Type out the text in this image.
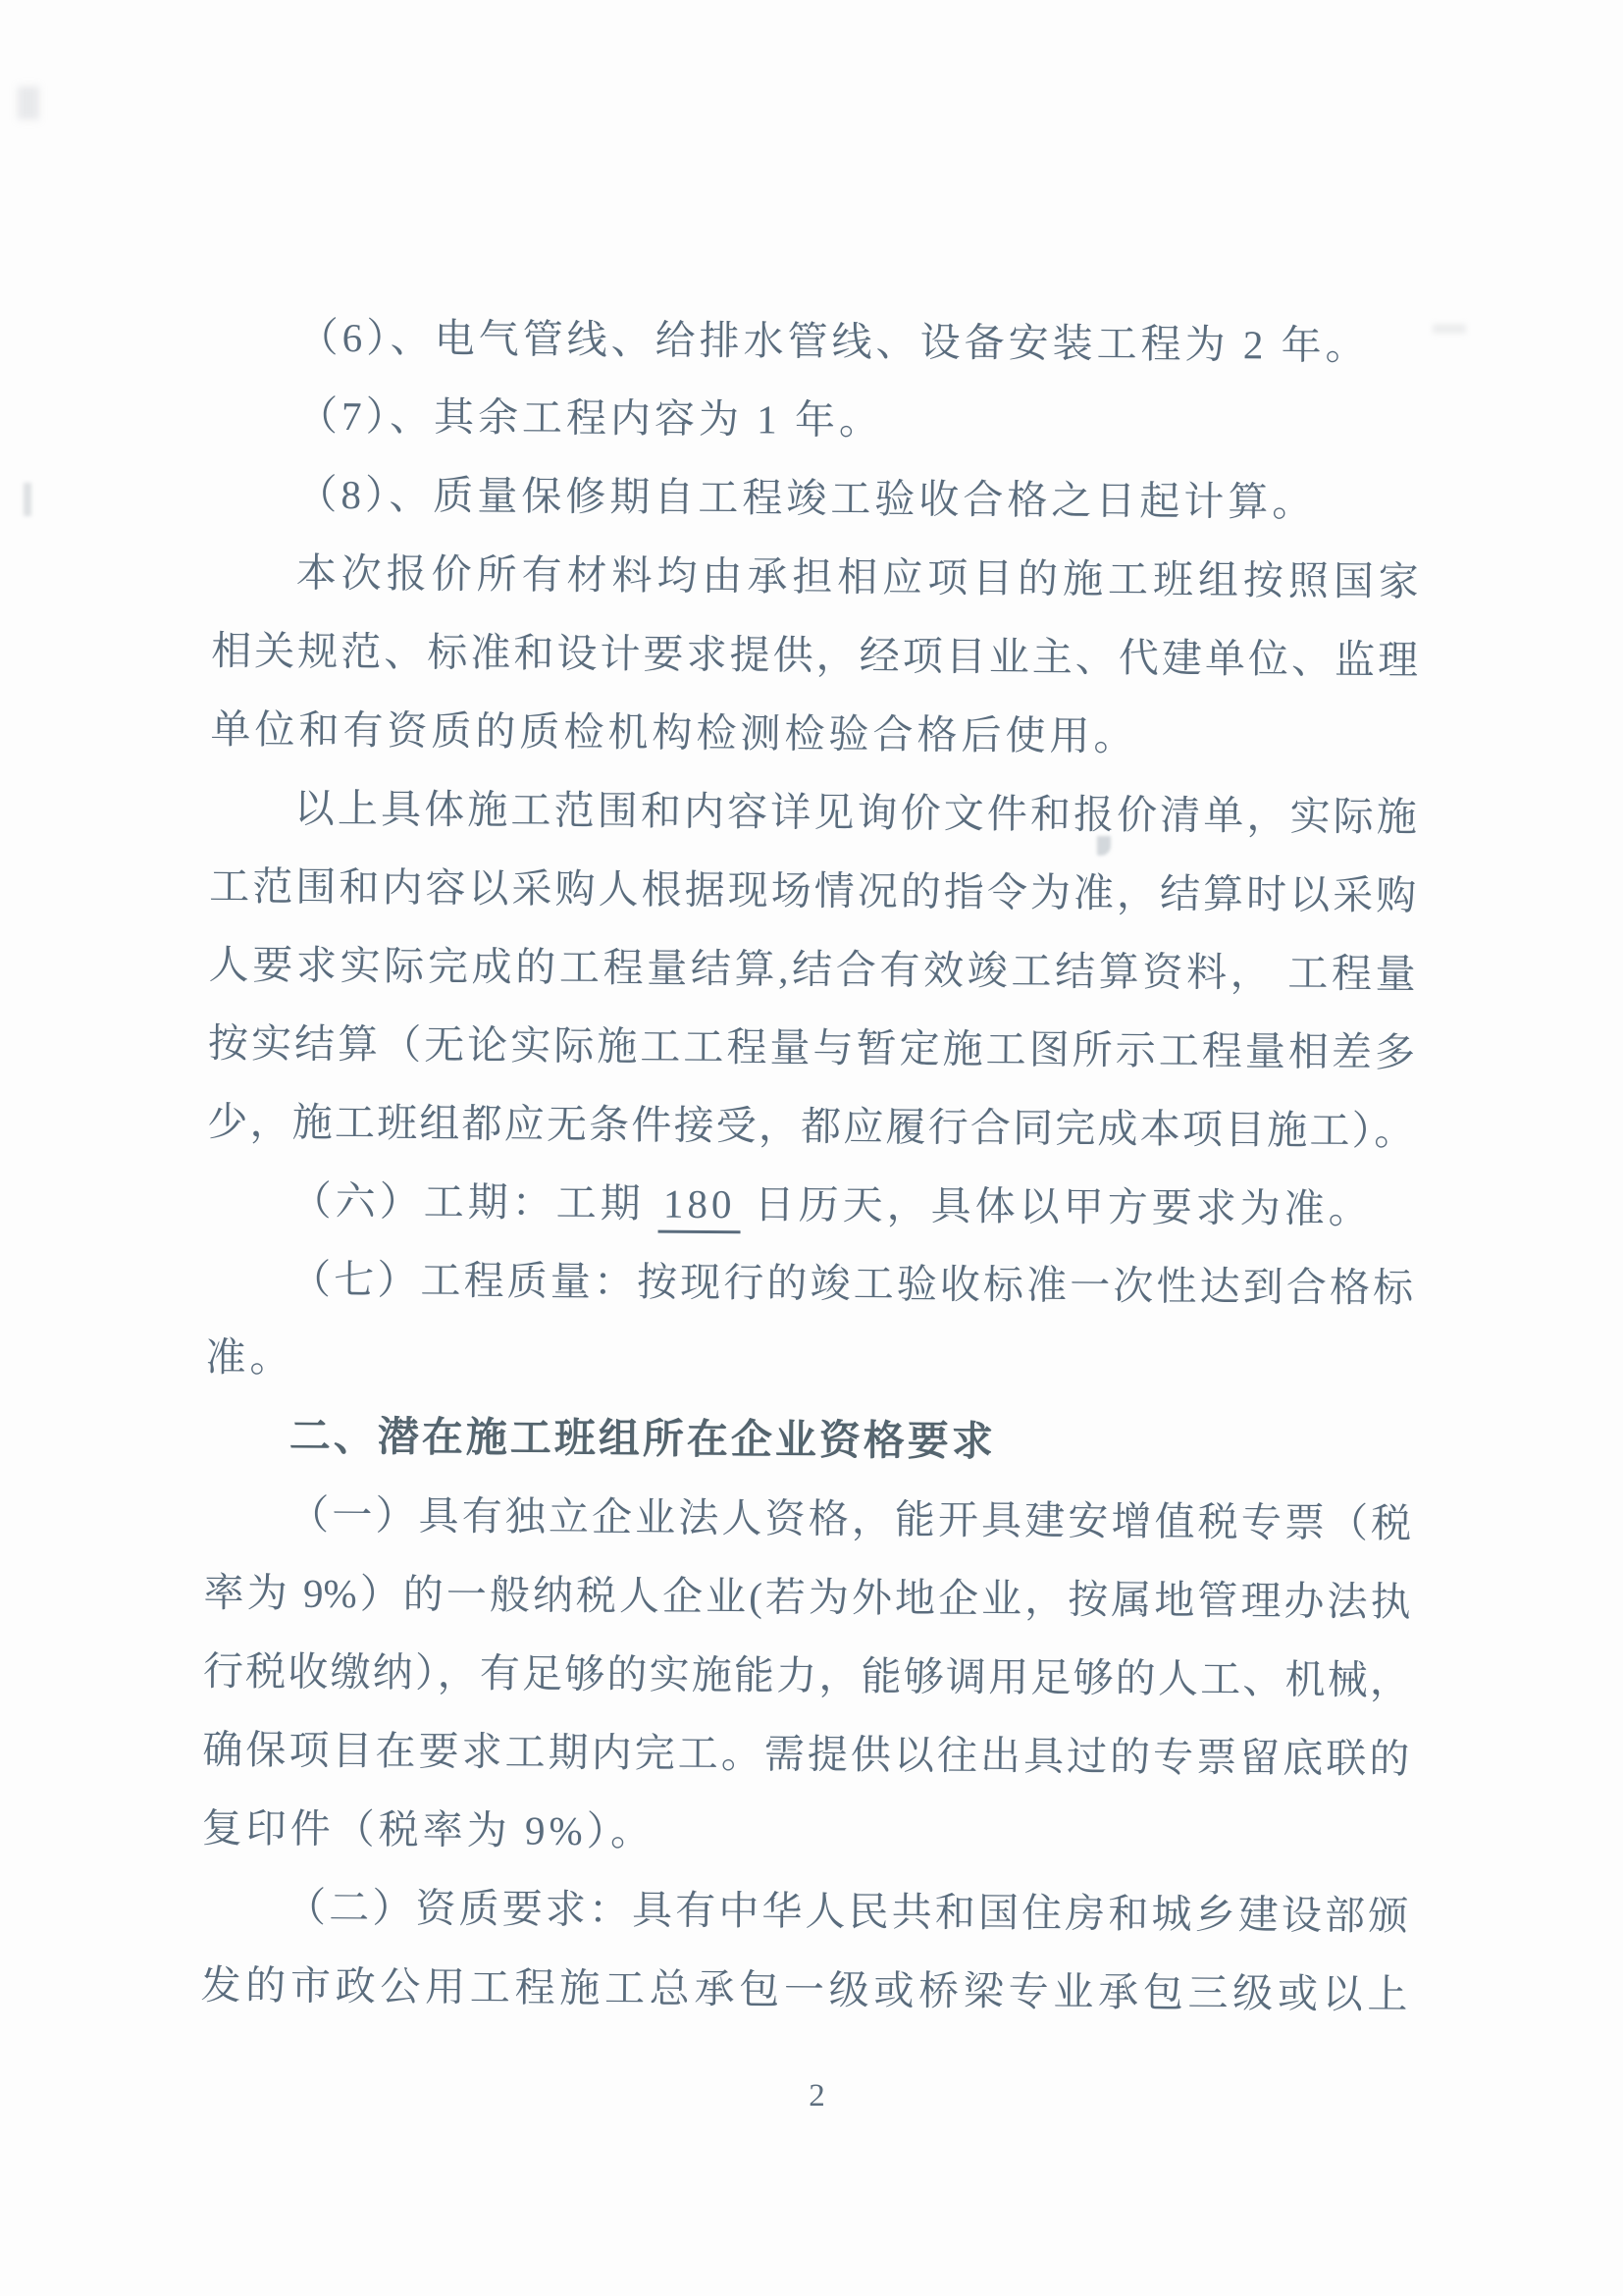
（6）、电气管线、给排水管线、设备安装工程为 2 年。
（7）、其余工程内容为 1 年。
（8）、质量保修期自工程竣工验收合格之日起计算。
本次报价所有材料均由承担相应项目的施工班组按照国家
相关规范、标准和设计要求提供，经项目业主、代建单位、监理
单位和有资质的质检机构检测检验合格后使用。
以上具体施工范围和内容详见询价文件和报价清单，实际施
工范围和内容以采购人根据现场情况的指令为准，结算时以采购
人要求实际完成的工程量结算,结合有效竣工结算资料， 工程量
按实结算（无论实际施工工程量与暂定施工图所示工程量相差多
少，施工班组都应无条件接受，都应履行合同完成本项目施工）。
（六）工期：工期 180 日历天，具体以甲方要求为准。
（七）工程质量：按现行的竣工验收标准一次性达到合格标
准。
二、潜在施工班组所在企业资格要求
（一）具有独立企业法人资格，能开具建安增值税专票（税
率为 9%）的一般纳税人企业(若为外地企业，按属地管理办法执
行税收缴纳），有足够的实施能力，能够调用足够的人工、机械，
确保项目在要求工期内完工。需提供以往出具过的专票留底联的
复印件（税率为 9%）。
（二）资质要求：具有中华人民共和国住房和城乡建设部颁
发的市政公用工程施工总承包一级或桥梁专业承包三级或以上
2
